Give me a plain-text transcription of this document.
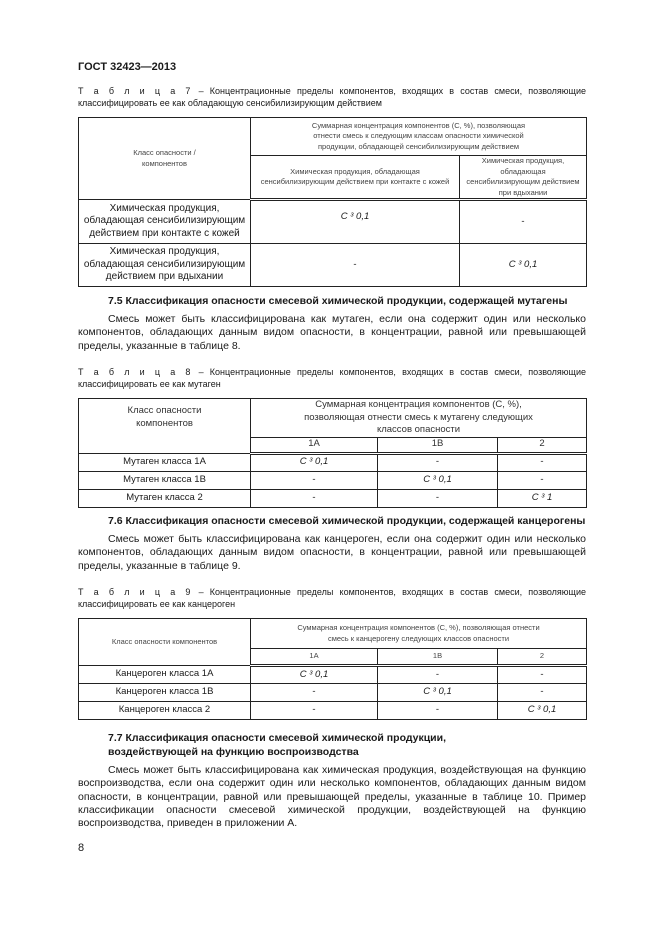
ГОСТ 32423—2013
Т а б л и ц а 7 – Концентрационные пределы компонентов, входящих в состав смеси, позволяющие классифицировать ее как обладающую сенсибилизирующим действием
Класс опасности / компонентов	Суммарная концентрация компонентов (С, %), позволяющая отнести смесь к следующим классам опасности химической продукции, обладающей сенсибилизирующим действием	
	Химическая продукция, обладающая сенсибилизирующим действием при контакте с кожей	Химическая продукция, обладающая сенсибилизирующим действием при вдыхании
Химическая продукция, обладающая сенсибилизирующим действием при контакте с кожей	C ³ 0,1	-
Химическая продукция, обладающая сенсибилизирующим действием при вдыхании	-	C ³ 0,1
7.5 Классификация опасности смесевой химической продукции, содержащей мутагены
Смесь может быть классифицирована как мутаген, если она содержит один или несколько компонентов, обладающих данным видом опасности, в концентрации, равной или превышающей пределы, указанные в таблице 8.
Т а б л и ц а 8 – Концентрационные пределы компонентов, входящих в состав смеси, позволяющие классифицировать ее как мутаген
Класс опасности компонентов	Суммарная концентрация компонентов (С, %), позволяющая отнести смесь к мутагену следующих классов опасности		
	1A	1B	2
Мутаген класса 1А	C ³ 0,1	-	-
Мутаген класса 1В	-	C ³ 0,1	-
Мутаген класса 2	-	-	C ³ 1
7.6 Классификация опасности смесевой химической продукции, содержащей канцерогены
Смесь может быть классифицирована как канцероген, если она содержит один или несколько компонентов, обладающих данным видом опасности, в концентрации, равной или превышающей пределы, указанные в таблице 9.
Т а б л и ц а 9 – Концентрационные пределы компонентов, входящих в состав смеси, позволяющие классифицировать ее как канцероген
Класс опасности компонентов	Суммарная концентрация компонентов (С, %), позволяющая отнести смесь к канцерогену следующих классов опасности		
	1A	1B	2
Канцероген класса 1А	C ³ 0,1	-	-
Канцероген класса 1В	-	C ³ 0,1	-
Канцероген класса 2	-	-	C ³ 0,1
7.7 Классификация опасности смесевой химической продукции, воздействующей на функцию воспроизводства
Смесь может быть классифицирована как химическая продукция, воздействующая на функцию воспроизводства, если она содержит один или несколько компонентов, обладающих данным видом опасности, в концентрации, равной или превышающей пределы, указанные в таблице 10. Пример классификации опасности смесевой химической продукции, воздействующей на функцию воспроизводства, приведен в приложении А.
8
